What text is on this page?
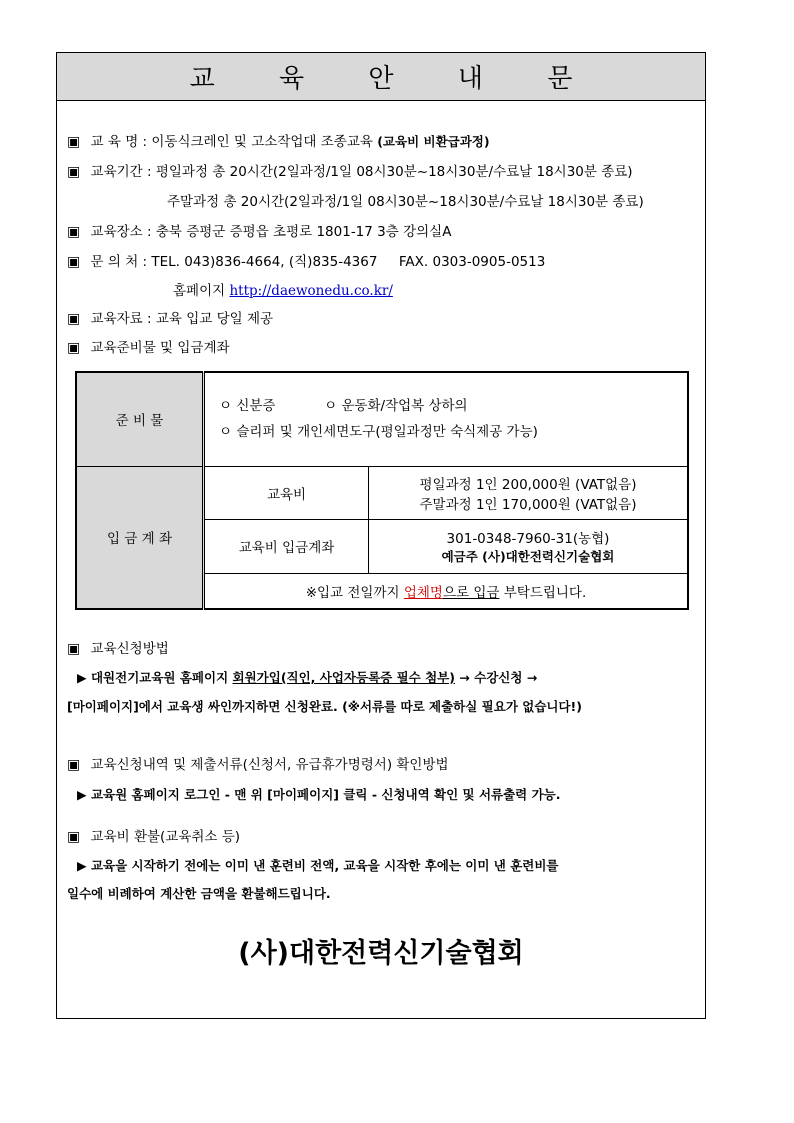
교 육 안 내 문
▣ 교 육 명 : 이동식크레인 및 고소작업대 조종교육 (교육비 비환급과정)
▣ 교육기간 : 평일과정 총 20시간(2일과정/1일 08시30분~18시30분/수료날 18시30분 종료)
주말과정 총 20시간(2일과정/1일 08시30분~18시30분/수료날 18시30분 종료)
▣ 교육장소 : 충북 증평군 증평읍 초평로 1801-17 3층 강의실A
▣ 문 의 처 : TEL. 043)836-4664, (직)835-4367     FAX. 0303-0905-0513
홈페이지 http://daewonedu.co.kr/
▣ 교육자료 : 교육 입교 당일 제공
▣ 교육준비물 및 입금계좌
준 비 물	ㅇ 신분증 ㅇ 운동화/작업복 상하의
ㅇ 슬리퍼 및 개인세면도구(평일과정만 숙식제공 가능)	

입 금 계 좌	교육비	평일과정 1인 200,000원 (VAT없음)
주말과정 1인 170,000원 (VAT없음)

	교육비 입금계좌	301-0348-7960-31(농협)
예금주 (사)대한전력신기술협회

	※입교 전일까지 업체명으로 입금 부탁드립니다.	
▣ 교육신청방법
▶ 대원전기교육원 홈페이지 회원가입(직인, 사업자등록증 필수 첨부) → 수강신청 →
[마이페이지]에서 교육생 싸인까지하면 신청완료. (※서류를 따로 제출하실 필요가 없습니다!)
▣ 교육신청내역 및 제출서류(신청서, 유급휴가명령서) 확인방법
▶ 교육원 홈페이지 로그인 - 맨 위 [마이페이지] 클릭 - 신청내역 확인 및 서류출력 가능.
▣ 교육비 환불(교육취소 등)
▶ 교육을 시작하기 전에는 이미 낸 훈련비 전액, 교육을 시작한 후에는 이미 낸 훈련비를
일수에 비례하여 계산한 금액을 환불해드립니다.
(사)대한전력신기술협회
